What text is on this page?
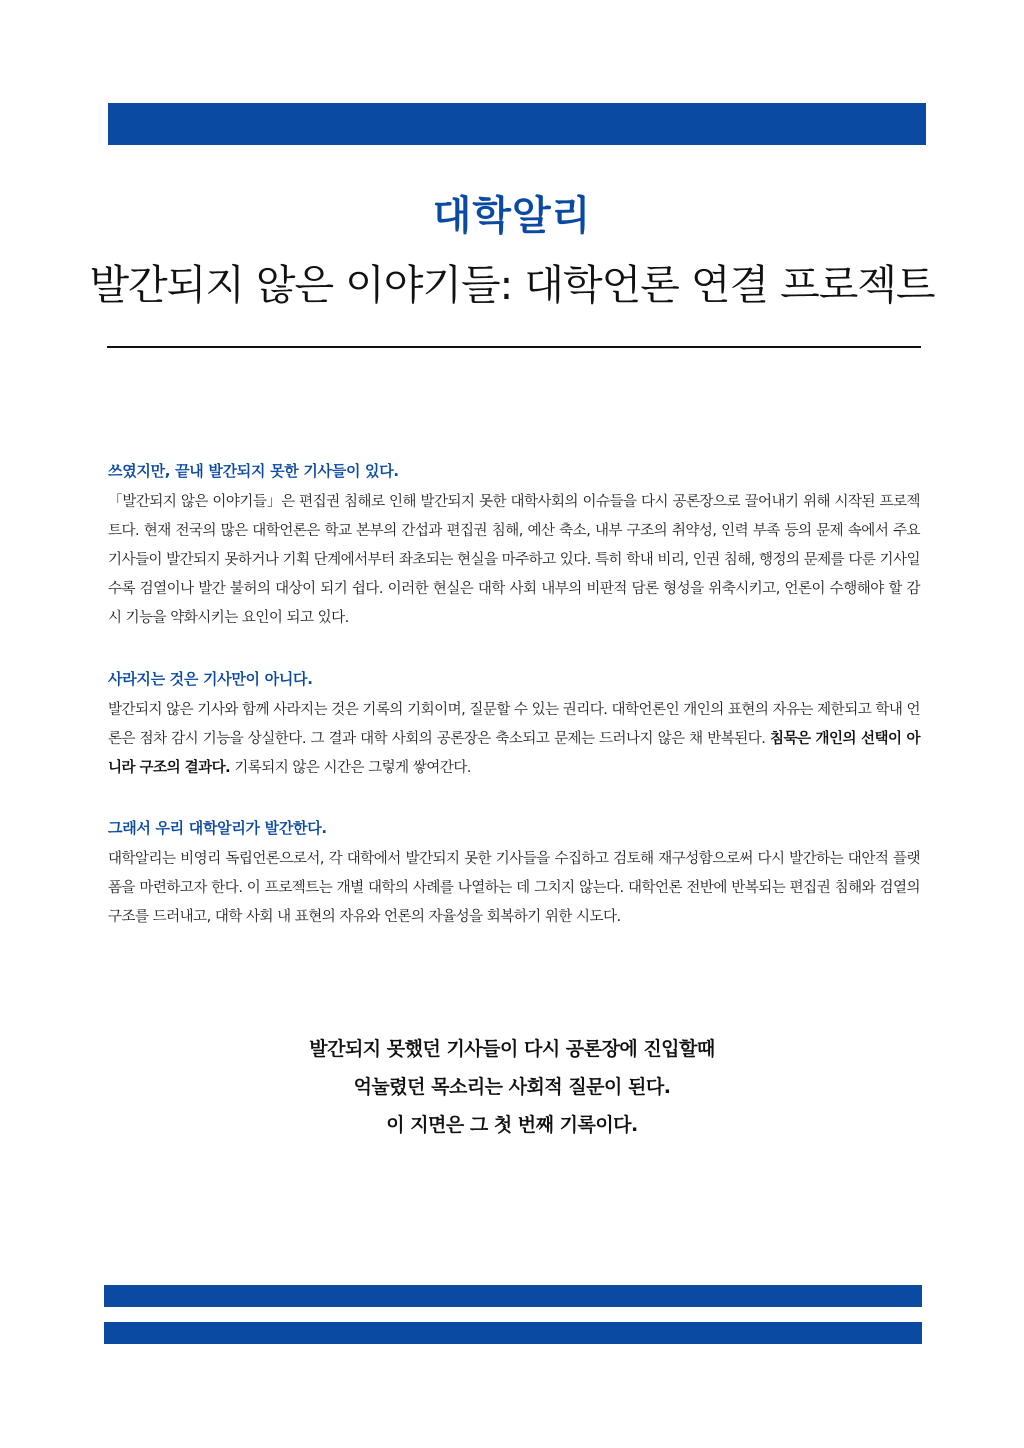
대학알리
발간되지 않은 이야기들: 대학언론 연결 프로젝트
쓰였지만, 끝내 발간되지 못한 기사들이 있다.

「발간되지 않은 이야기들」은 편집권 침해로 인해 발간되지 못한 대학사회의 이슈들을 다시 공론장으로 끌어내기 위해 시작된 프로젝트다. 현재 전국의 많은 대학언론은 학교 본부의 간섭과 편집권 침해, 예산 축소, 내부 구조의 취약성, 인력 부족 등의 문제 속에서 주요 기사들이 발간되지 못하거나 기획 단계에서부터 좌초되는 현실을 마주하고 있다. 특히 학내 비리, 인권 침해, 행정의 문제를 다룬 기사일수록 검열이나 발간 불허의 대상이 되기 쉽다. 이러한 현실은 대학 사회 내부의 비판적 담론 형성을 위축시키고, 언론이 수행해야 할 감시 기능을 약화시키는 요인이 되고 있다.

사라지는 것은 기사만이 아니다.

발간되지 않은 기사와 함께 사라지는 것은 기록의 기회이며, 질문할 수 있는 권리다. 대학언론인 개인의 표현의 자유는 제한되고 학내 언론은 점차 감시 기능을 상실한다. 그 결과 대학 사회의 공론장은 축소되고 문제는 드러나지 않은 채 반복된다. 침묵은 개인의 선택이 아니라 구조의 결과다. 기록되지 않은 시간은 그렇게 쌓여간다.

그래서 우리 대학알리가 발간한다.

대학알리는 비영리 독립언론으로서, 각 대학에서 발간되지 못한 기사들을 수집하고 검토해 재구성함으로써 다시 발간하는 대안적 플랫폼을 마련하고자 한다. 이 프로젝트는 개별 대학의 사례를 나열하는 데 그치지 않는다. 대학언론 전반에 반복되는 편집권 침해와 검열의 구조를 드러내고, 대학 사회 내 표현의 자유와 언론의 자율성을 회복하기 위한 시도다.

발간되지 못했던 기사들이 다시 공론장에 진입할때
억눌렸던 목소리는 사회적 질문이 된다.
이 지면은 그 첫 번째 기록이다.
